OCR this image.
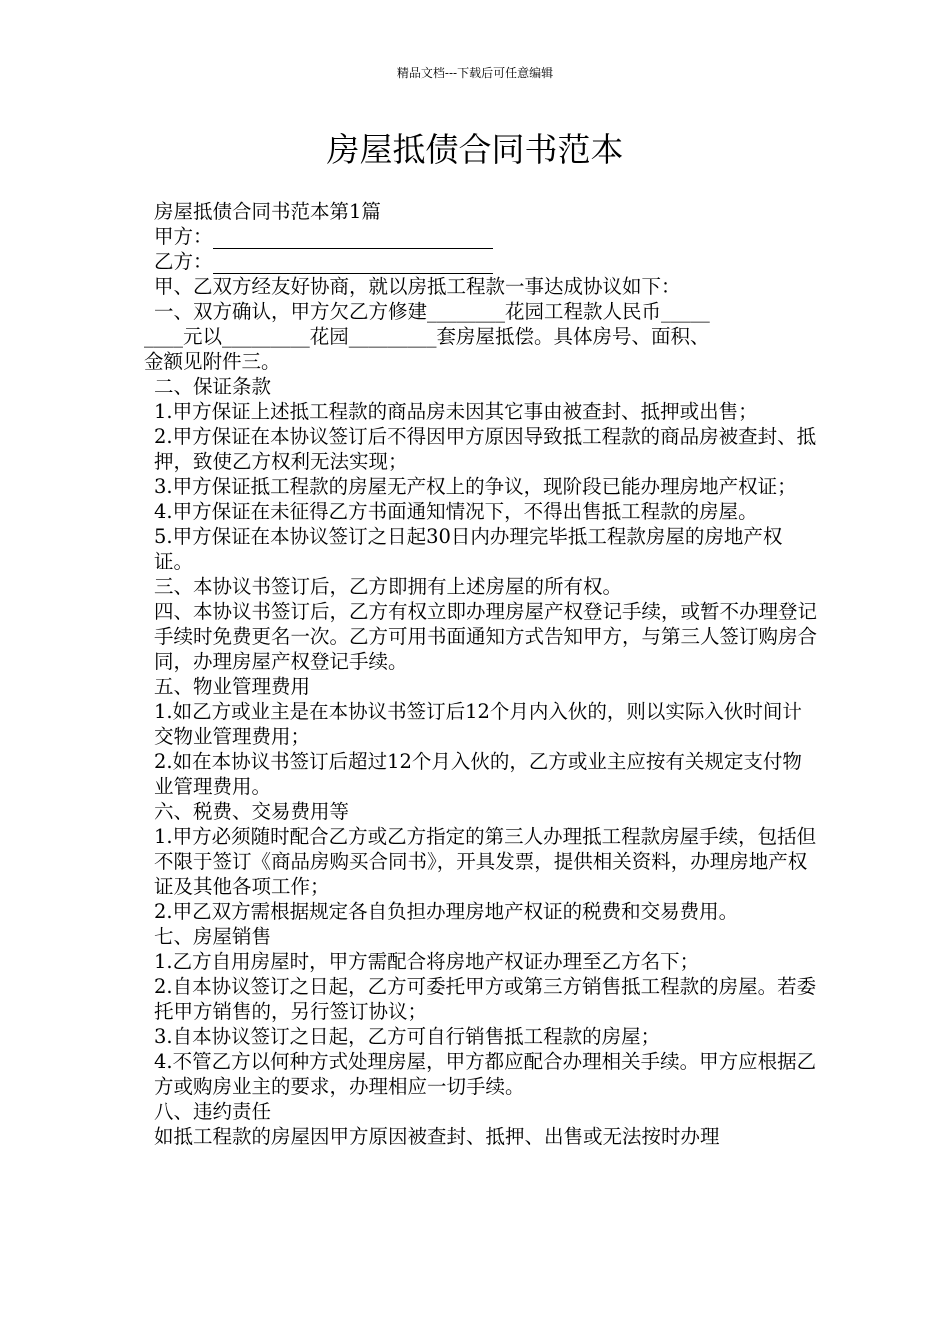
精品文档---下载后可任意编辑
房屋抵债合同书范本

房屋抵债合同书范本第1篇

甲方：
乙方：

甲、乙双方经友好协商，就以房抵工程款一事达成协议如下：

一、双方确认，甲方欠乙方修建________花园工程款人民币_____

____元以_________花园_________套房屋抵偿。具体房号、面积、

金额见附件三。

二、保证条款

1.甲方保证上述抵工程款的商品房未因其它事由被查封、抵押或出售；

2.甲方保证在本协议签订后不得因甲方原因导致抵工程款的商品房被查封、抵押，致使乙方权利无法实现；

3.甲方保证抵工程款的房屋无产权上的争议，现阶段已能办理房地产权证；

4.甲方保证在未征得乙方书面通知情况下，不得出售抵工程款的房屋。

5.甲方保证在本协议签订之日起30日内办理完毕抵工程款房屋的房地产权证。

三、本协议书签订后，乙方即拥有上述房屋的所有权。

四、本协议书签订后，乙方有权立即办理房屋产权登记手续，或暂不办理登记手续时免费更名一次。乙方可用书面通知方式告知甲方，与第三人签订购房合同，办理房屋产权登记手续。

五、物业管理费用

1.如乙方或业主是在本协议书签订后12个月内入伙的，则以实际入伙时间计交物业管理费用；

2.如在本协议书签订后超过12个月入伙的，乙方或业主应按有关规定支付物业管理费用。

六、税费、交易费用等

1.甲方必须随时配合乙方或乙方指定的第三人办理抵工程款房屋手续，包括但不限于签订《商品房购买合同书》，开具发票，提供相关资料，办理房地产权证及其他各项工作；

2.甲乙双方需根据规定各自负担办理房地产权证的税费和交易费用。

七、房屋销售

1.乙方自用房屋时，甲方需配合将房地产权证办理至乙方名下；

2.自本协议签订之日起，乙方可委托甲方或第三方销售抵工程款的房屋。若委托甲方销售的，另行签订协议；

3.自本协议签订之日起，乙方可自行销售抵工程款的房屋；

4.不管乙方以何种方式处理房屋，甲方都应配合办理相关手续。甲方应根据乙方或购房业主的要求，办理相应一切手续。

八、违约责任

如抵工程款的房屋因甲方原因被查封、抵押、出售或无法按时办理
